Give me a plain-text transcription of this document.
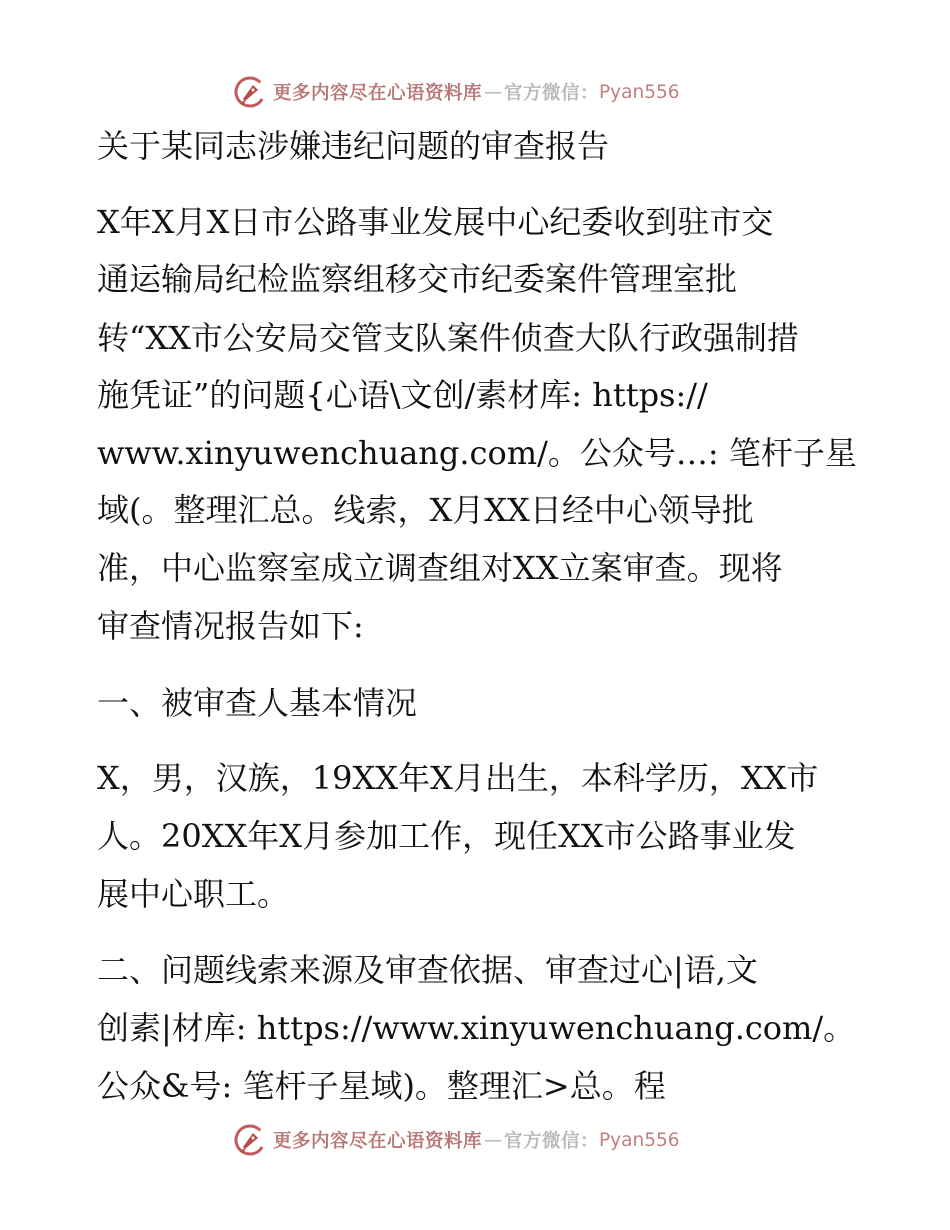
更多内容尽在心语资料库 — 官方微信： Pyan556

关于某同志涉嫌违纪问题的审查报告

X年X月X日市公路事业发展中心纪委收到驻市交

通运输局纪检监察组移交市纪委案件管理室批

转“XX市公安局交管支队案件侦查大队行政强制措

施凭证”的问题{心语\文创/素材库: https://

www.xinyuwenchuang.com/。公众号…: 笔杆子星

域(。整理汇总。线索，X月XX日经中心领导批

准，中心监察室成立调查组对XX立案审查。现将

审查情况报告如下:

一、被审查人基本情况

X，男，汉族，19XX年X月出生，本科学历，XX市

人。20XX年X月参加工作，现任XX市公路事业发

展中心职工。

二、问题线索来源及审查依据、审查过心|语,文

创素|材库: https://www.xinyuwenchuang.com/。

公众&号: 笔杆子星域)。整理汇>总。程

更多内容尽在心语资料库 — 官方微信： Pyan556
